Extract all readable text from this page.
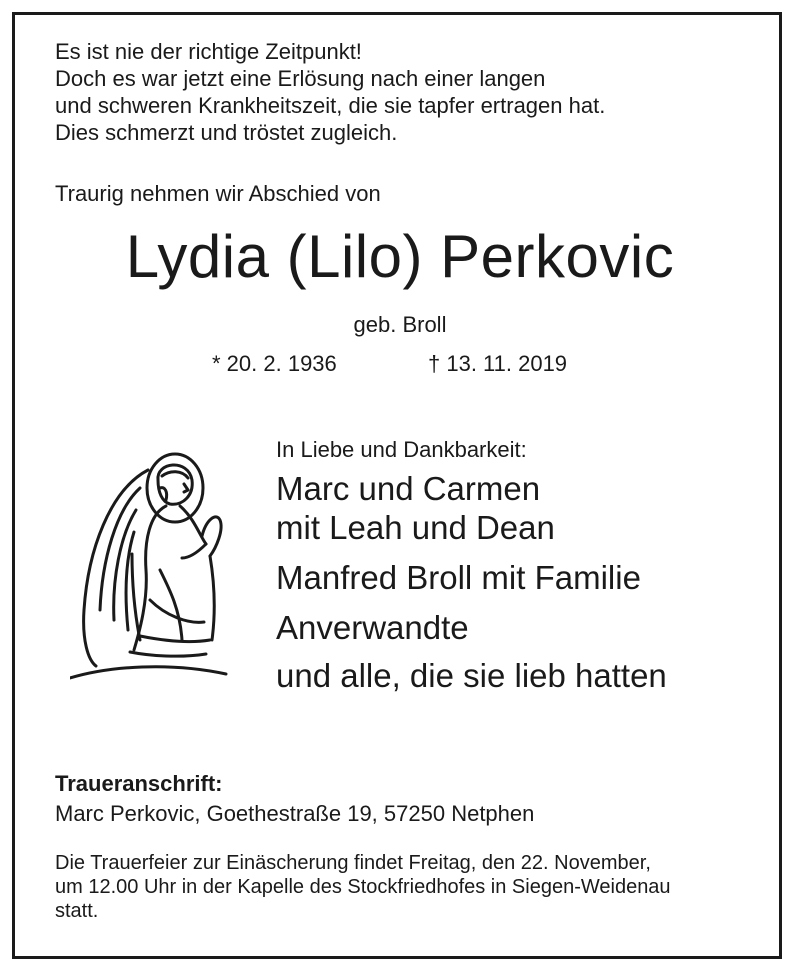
Es ist nie der richtige Zeitpunkt!
Doch es war jetzt eine Erlösung nach einer langen
und schweren Krankheitszeit, die sie tapfer ertragen hat.
Dies schmerzt und tröstet zugleich.
Traurig nehmen wir Abschied von
Lydia (Lilo) Perkovic
geb. Broll
* 20. 2. 1936	† 13. 11. 2019
In Liebe und Dankbarkeit:
Marc und Carmen
mit Leah und Dean
Manfred Broll mit Familie
Anverwandte
und alle, die sie lieb hatten
Traueranschrift:
Marc Perkovic, Goethestraße 19, 57250 Netphen
Die Trauerfeier zur Einäscherung findet Freitag, den 22. November,
um 12.00 Uhr in der Kapelle des Stockfriedhofes in Siegen-Weidenau
statt.
